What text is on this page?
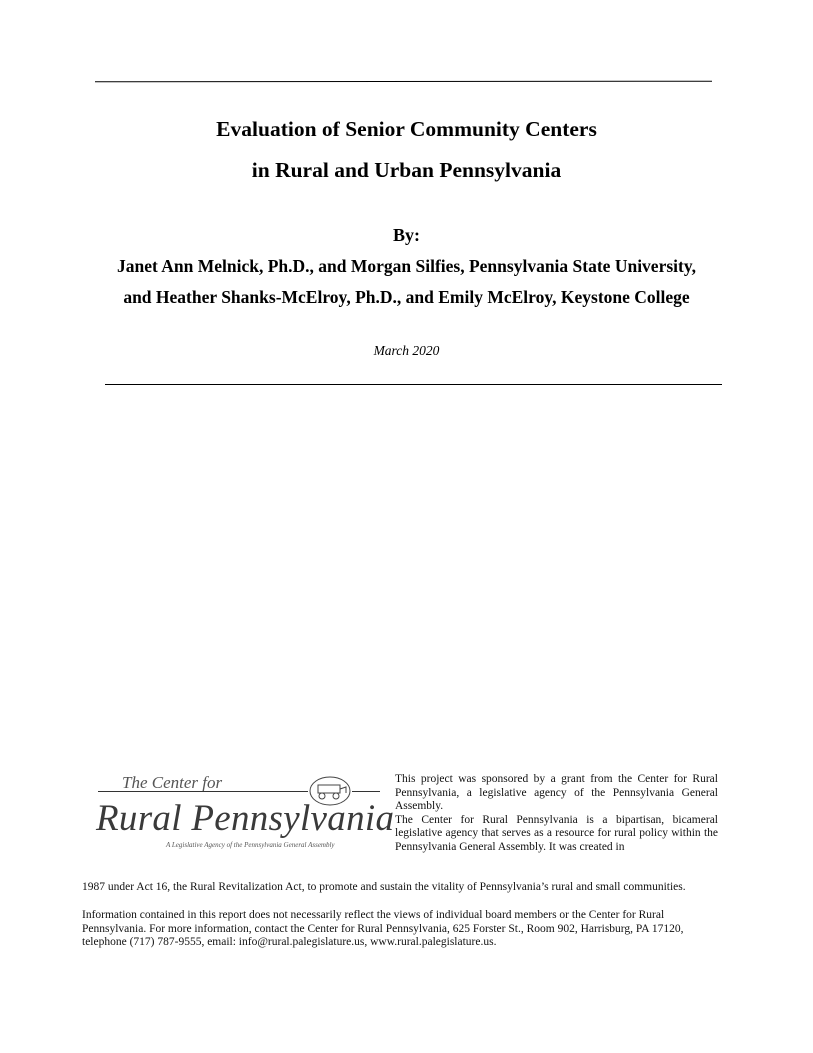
Evaluation of Senior Community Centers
in Rural and Urban Pennsylvania
By:
Janet Ann Melnick, Ph.D., and Morgan Silfies, Pennsylvania State University,
and Heather Shanks-McElroy, Ph.D., and Emily McElroy, Keystone College
March 2020
The Center for
Rural Pennsylvania
A Legislative Agency of the Pennsylvania General Assembly

This project was sponsored by a grant from the Center for Rural Pennsylvania, a legislative agency of the Pennsylvania General Assembly.

The Center for Rural Pennsylvania is a bipartisan, bicameral legislative agency that serves as a resource for rural policy within the Pennsylvania General Assembly. It was created in

1987 under Act 16, the Rural Revitalization Act, to promote and sustain the vitality of Pennsylvania’s rural and small communities.

Information contained in this report does not necessarily reflect the views of individual board members or the Center for Rural Pennsylvania. For more information, contact the Center for Rural Pennsylvania, 625 Forster St., Room 902, Harrisburg, PA 17120, telephone (717) 787-9555, email: info@rural.palegislature.us, www.rural.palegislature.us.
